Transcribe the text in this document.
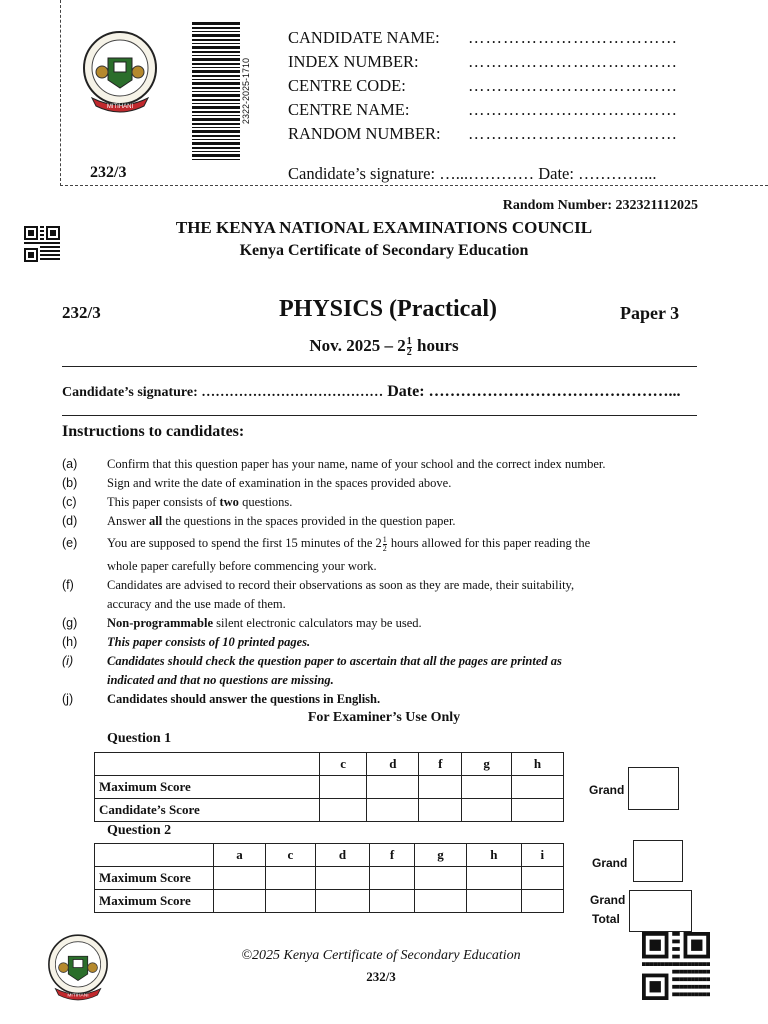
MITIHANI	2322-2025-1710
CANDIDATE NAME: ………………………………
INDEX NUMBER:	………………………………
CENTRE CODE:	………………………………
CENTRE NAME:	………………………………
RANDOM NUMBER: ………………………………
232/3	Candidate’s signature: …...………… Date: …………...
Random Number: 232321112025
THE KENYA NATIONAL EXAMINATIONS COUNCIL
Kenya Certificate of Secondary Education
232/3	PHYSICS (Practical)	Paper 3
Nov. $2025 - 2 \frac{1}{2}$ hours
Candidate’s signature: ………………………………… Date: ………………………………………...
Instructions to candidates:
(a) Confirm that this question paper has your name, name of your school and the correct index number.
(b) Sign and write the date of examination in the spaces provided above.
(c) This paper consists of two questions.
(d) Answer all the questions in the spaces provided in the question paper.
(e) You are supposed to spend the first 15 minutes of the $2 \frac{1}{2}$ hours allowed for this paper reading the
whole paper carefully before commencing your work.
(f)	Candidates are advised to record their observations as soon as they are made, their suitability,
accuracy and the use made of them.
(g) Non-programmable silent electronic calculators may be used.
(h) This paper consists of 10 printed pages.
(i)	Candidates should check the question paper to ascertain that all the pages are printed as
indicated and that no questions are missing.
(j)	Candidates should answer the questions in English.
For Examiner’s Use Only
Question 1
	c	d	f	g	h
Maximum Score					
Candidate’s Score					
Question 2
	a	c	d	f	g	h	i
Maximum Score							
Maximum Score							
Grand
Grand
Grand
Total
MITIHANI
©2025 Kenya Certificate of Secondary Education
232/3
